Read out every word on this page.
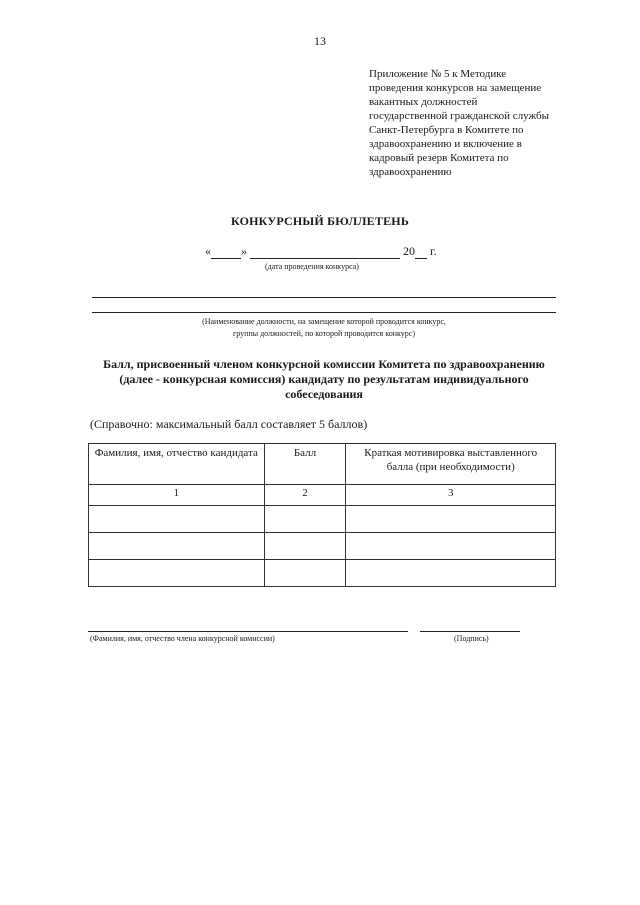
13
Приложение № 5 к Методике
проведения конкурсов на замещение
вакантных должностей
государственной гражданской службы
Санкт-Петербурга в Комитете по
здравоохранению и включение в
кадровый резерв Комитета по
здравоохранению
КОНКУРСНЫЙ БЮЛЛЕТЕНЬ
«	»	20 г.
(дата проведения конкурса)
(Наименование должности, на замещение которой проводится конкурс,
группы должностей, по которой проводится конкурс)
Балл, присвоенный членом конкурсной комиссии Комитета по здравоохранению
(далее - конкурсная комиссия) кандидату по результатам индивидуального
собеседования
(Справочно: максимальный балл составляет 5 баллов)
Фамилия, имя, отчество кандидата	Балл	Краткая мотивировка выставленного балла (при необходимости)
1	2	3

(Фамилия, имя, отчество члена конкурсной комиссии)	(Подпись)
